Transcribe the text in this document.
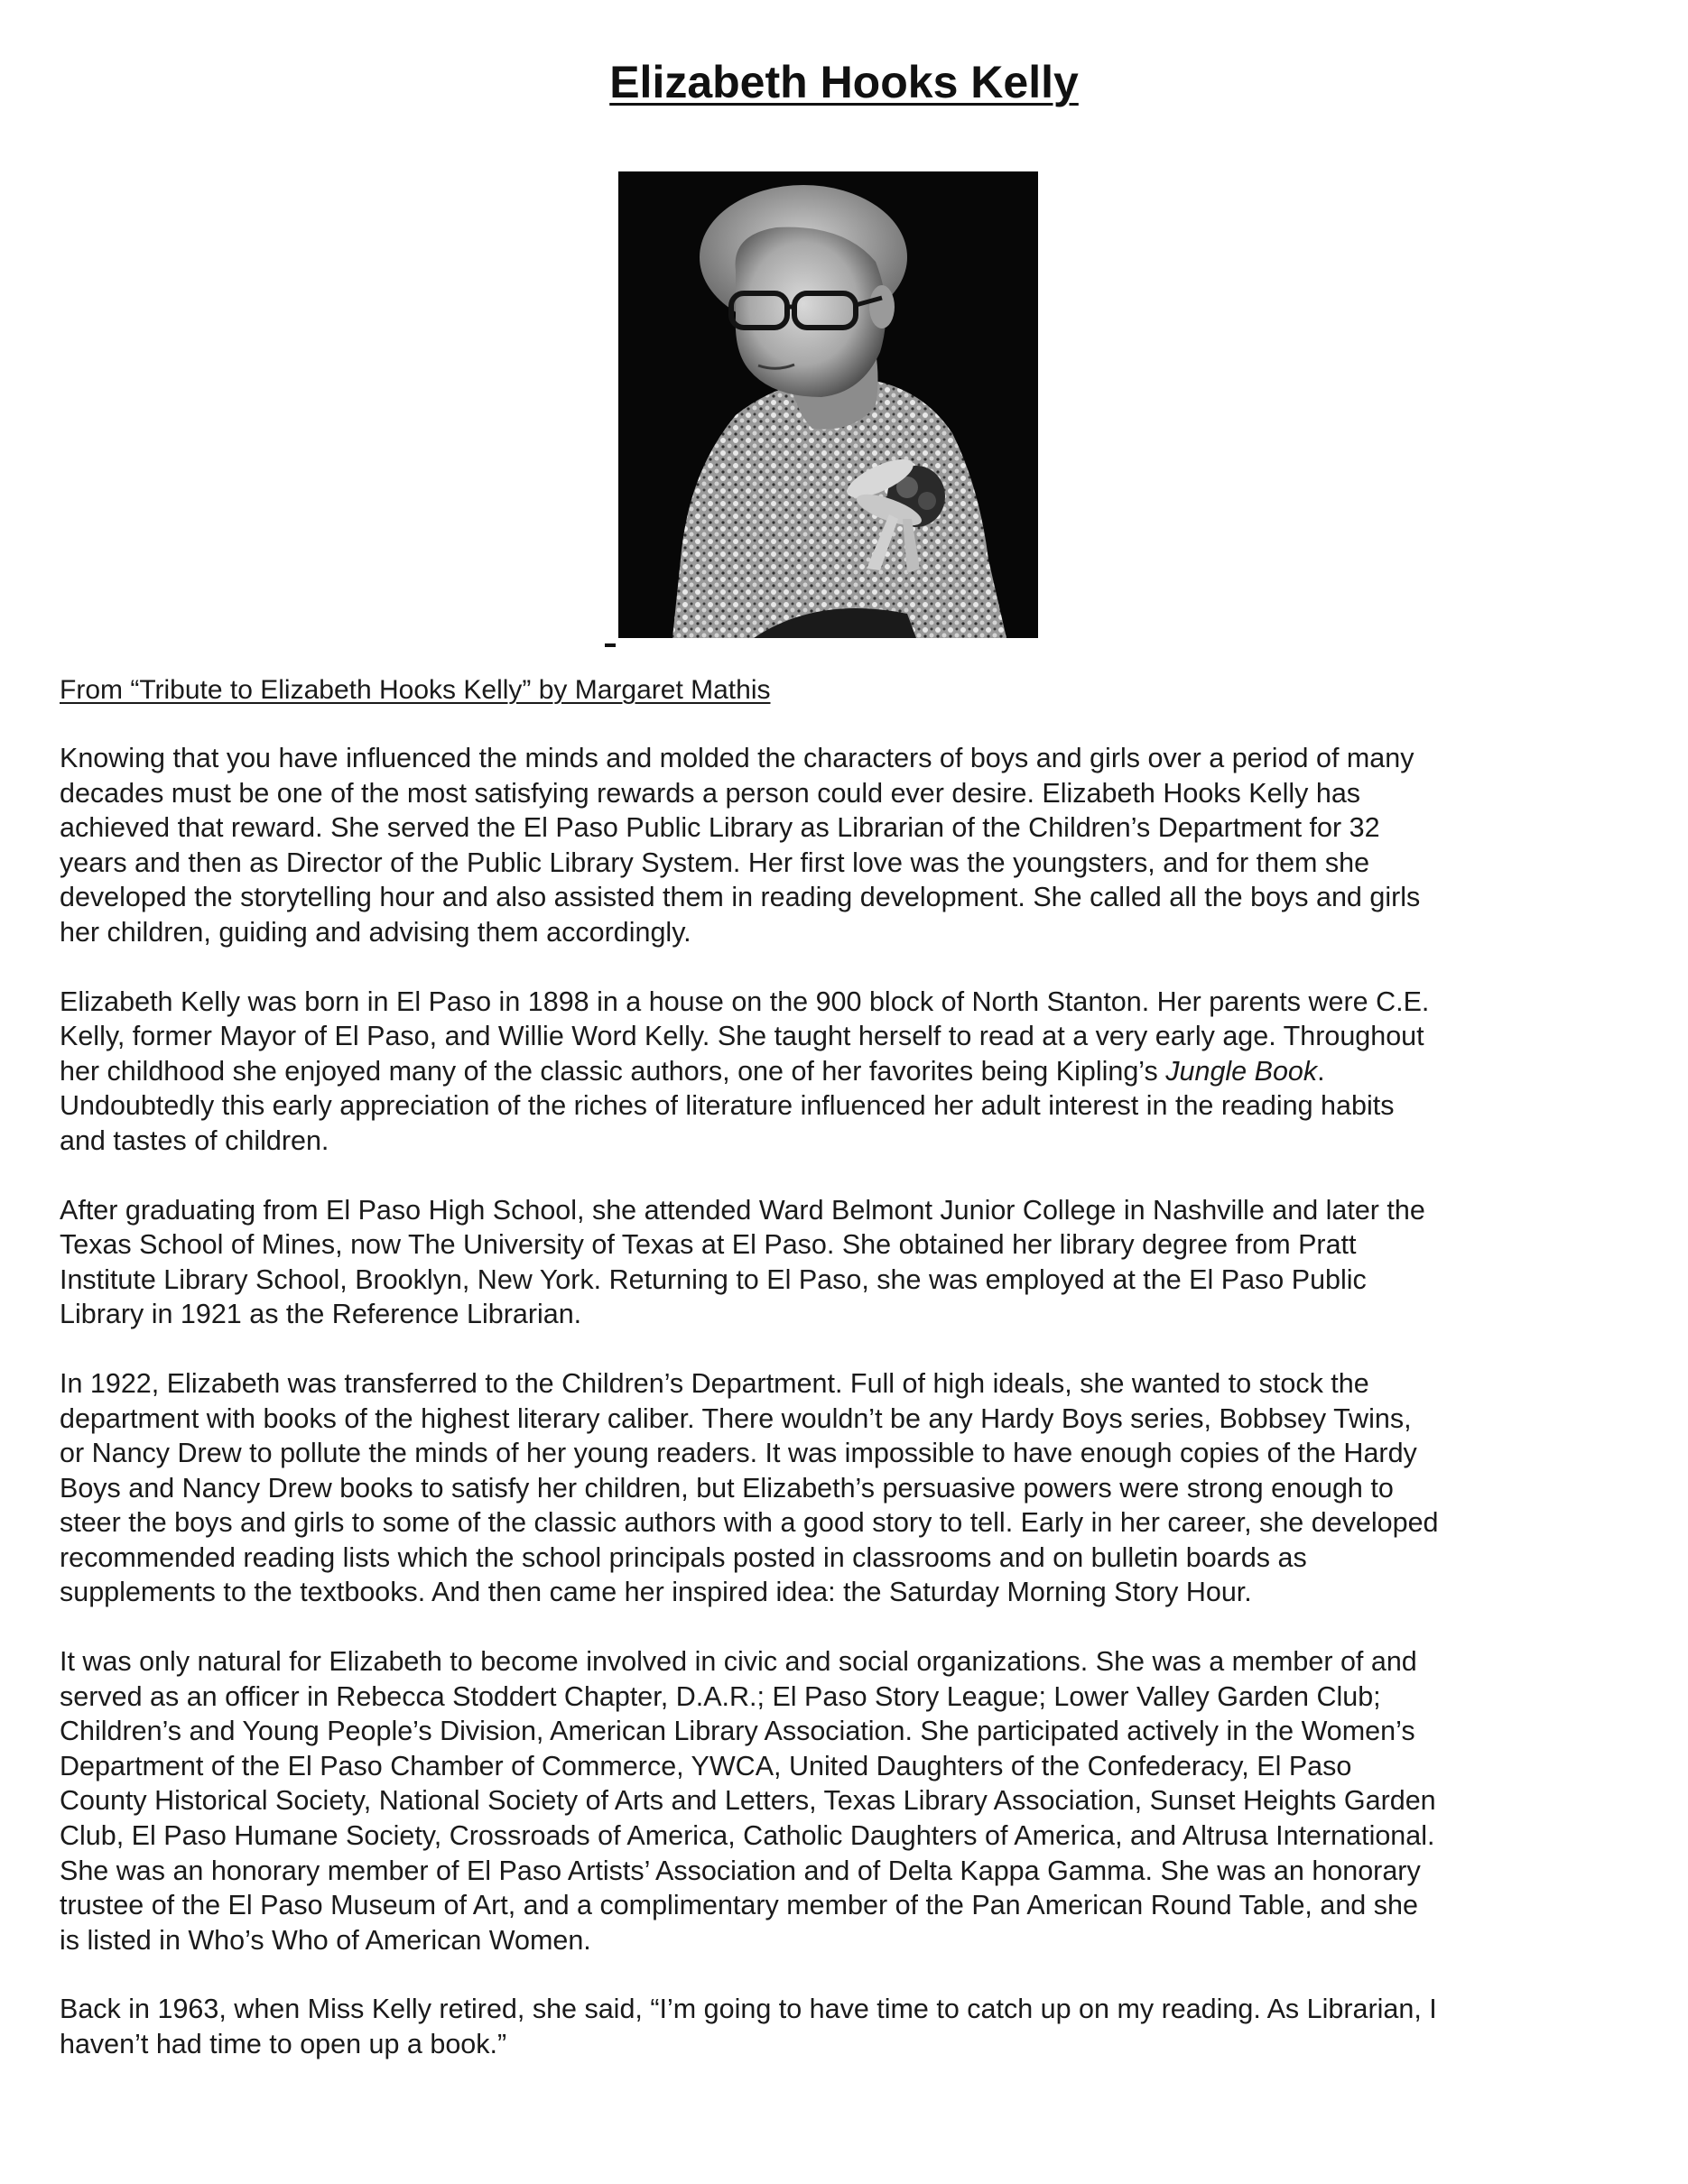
Elizabeth Hooks Kelly

From “Tribute to Elizabeth Hooks Kelly” by Margaret Mathis

Knowing that you have influenced the minds and molded the characters of boys and girls over a period of many
decades must be one of the most satisfying rewards a person could ever desire. Elizabeth Hooks Kelly has
achieved that reward. She served the El Paso Public Library as Librarian of the Children’s Department for 32
years and then as Director of the Public Library System. Her first love was the youngsters, and for them she
developed the storytelling hour and also assisted them in reading development. She called all the boys and girls
her children, guiding and advising them accordingly.

Elizabeth Kelly was born in El Paso in 1898 in a house on the 900 block of North Stanton. Her parents were C.E.
Kelly, former Mayor of El Paso, and Willie Word Kelly. She taught herself to read at a very early age. Throughout
her childhood she enjoyed many of the classic authors, one of her favorites being Kipling’s Jungle Book.
Undoubtedly this early appreciation of the riches of literature influenced her adult interest in the reading habits
and tastes of children.

After graduating from El Paso High School, she attended Ward Belmont Junior College in Nashville and later the
Texas School of Mines, now The University of Texas at El Paso. She obtained her library degree from Pratt
Institute Library School, Brooklyn, New York. Returning to El Paso, she was employed at the El Paso Public
Library in 1921 as the Reference Librarian.

In 1922, Elizabeth was transferred to the Children’s Department. Full of high ideals, she wanted to stock the
department with books of the highest literary caliber. There wouldn’t be any Hardy Boys series, Bobbsey Twins,
or Nancy Drew to pollute the minds of her young readers. It was impossible to have enough copies of the Hardy
Boys and Nancy Drew books to satisfy her children, but Elizabeth’s persuasive powers were strong enough to
steer the boys and girls to some of the classic authors with a good story to tell. Early in her career, she developed
recommended reading lists which the school principals posted in classrooms and on bulletin boards as
supplements to the textbooks. And then came her inspired idea: the Saturday Morning Story Hour.

It was only natural for Elizabeth to become involved in civic and social organizations. She was a member of and
served as an officer in Rebecca Stoddert Chapter, D.A.R.; El Paso Story League; Lower Valley Garden Club;
Children’s and Young People’s Division, American Library Association. She participated actively in the Women’s
Department of the El Paso Chamber of Commerce, YWCA, United Daughters of the Confederacy, El Paso
County Historical Society, National Society of Arts and Letters, Texas Library Association, Sunset Heights Garden
Club, El Paso Humane Society, Crossroads of America, Catholic Daughters of America, and Altrusa International.
She was an honorary member of El Paso Artists’ Association and of Delta Kappa Gamma. She was an honorary
trustee of the El Paso Museum of Art, and a complimentary member of the Pan American Round Table, and she
is listed in Who’s Who of American Women.

Back in 1963, when Miss Kelly retired, she said, “I’m going to have time to catch up on my reading. As Librarian, I
haven’t had time to open up a book.”
